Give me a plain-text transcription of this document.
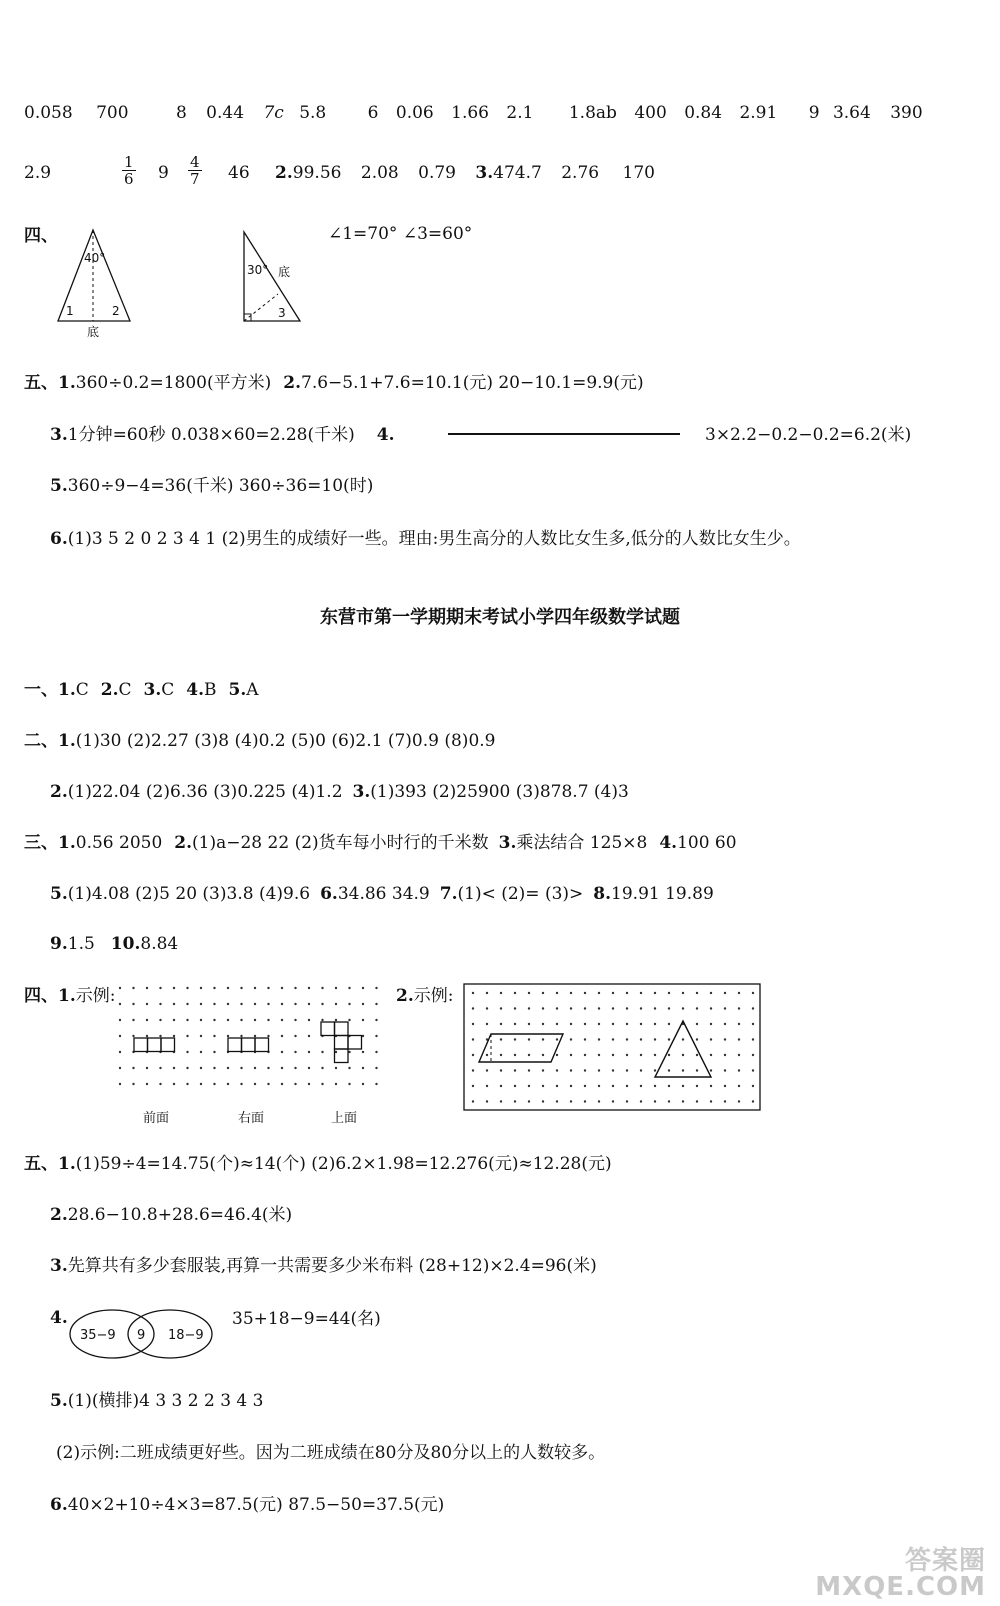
0.058 700	8 0.44 7c 5.8 6 0.06 1.66 2.1 1.8ab 400 0.84 2.91 9 3.64 390
2.9	$\frac{1}{6} 9 \frac{4}{7} 46$ 2.99.56 2.08 0.79 3.474.7 2.76 170
四、
40°
1	2
底
30° 底
3
∠1=70° ∠3=60°
五、1.360÷0.2=1800(平方米) 2.7.6−5.1+7.6=10.1(元) 20−10.1=9.9(元)
3.1分钟=60秒 0.038×60=2.28(千米) 4.	3×2.2−0.2−0.2=6.2(米)
5.360÷9−4=36(千米) 360÷36=10(时)
6.(1)3 5 2 0 2 3 4 1 (2)男生的成绩好一些。理由:男生高分的人数比女生多,低分的人数比女生少。
东营市第一学期期末考试小学四年级数学试题
一、1.C 2.C 3.C 4.B 5.A
二、1.(1)30 (2)2.27 (3)8 (4)0.2 (5)0 (6)2.1 (7)0.9 (8)0.9
2.(1)22.04 (2)6.36 (3)0.225 (4)1.2 3.(1)393 (2)25900 (3)878.7 (4)3
三、1.0.56 2050 2.(1)a−28 22 (2)货车每小时行的千米数 3.乘法结合 125×8 4.100 60
5.(1)4.08 (2)5 20 (3)3.8 (4)9.6 6.34.86 34.9 7.(1)< (2)= (3)> 8.19.91 19.89
9.1.5 10.8.84
四、1.示例:
前面	右面	上面
2.示例:
五、1.(1)59÷4=14.75(个)≈14(个) (2)6.2×1.98=12.276(元)≈12.28(元)
2.28.6−10.8+28.6=46.4(米)
3.先算共有多少套服装,再算一共需要多少米布料 (28+12)×2.4=96(米)
4.
35−9 9 18−9
35+18−9=44(名)
5.(1)(横排)4 3 3 2 2 3 4 3
(2)示例:二班成绩更好些。因为二班成绩在80分及80分以上的人数较多。
6.40×2+10÷4×3=87.5(元) 87.5−50=37.5(元)
答案圈
MXQE.COM
